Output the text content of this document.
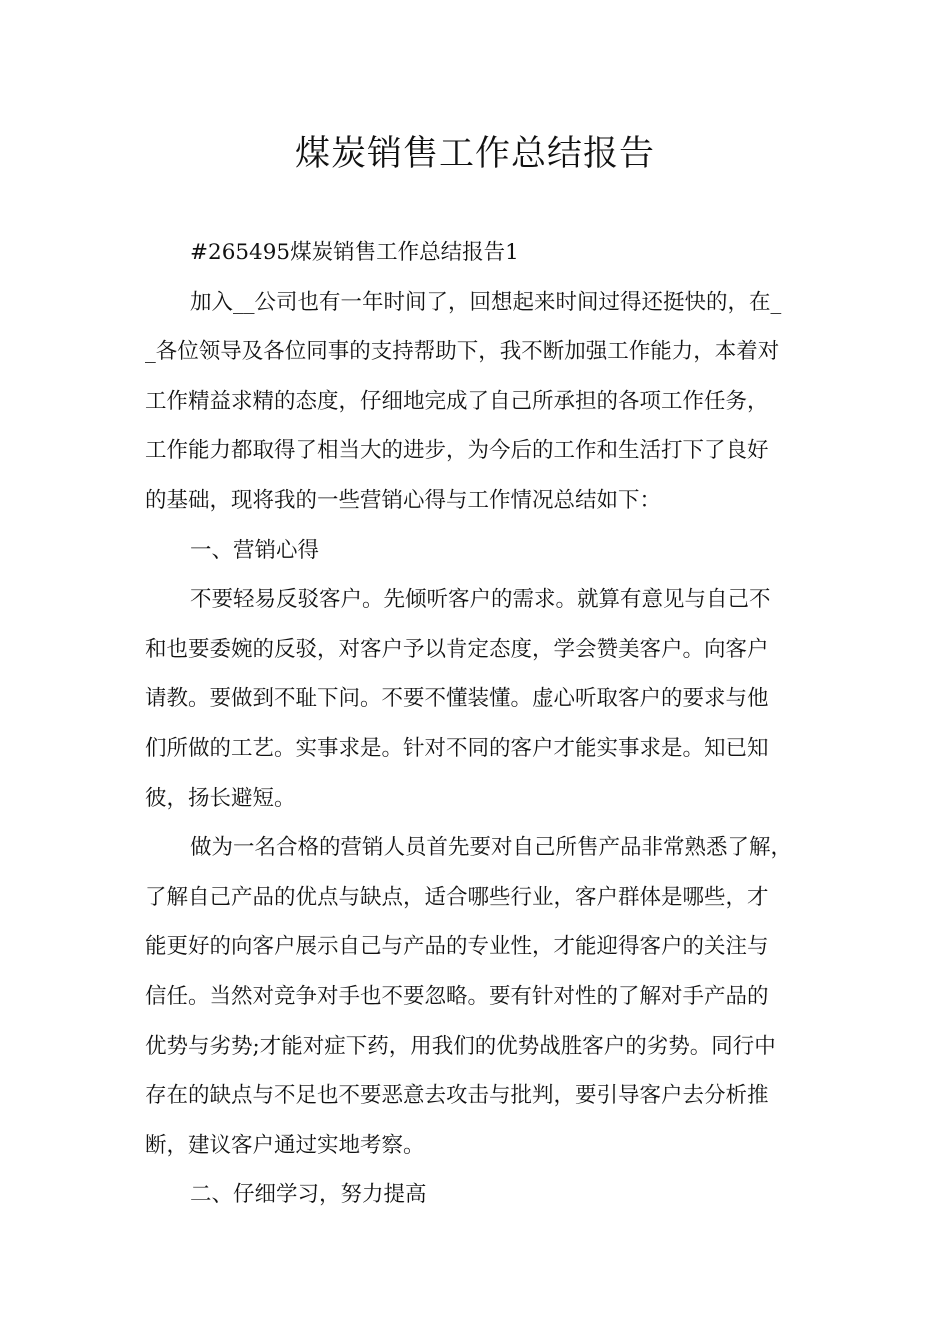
煤炭销售工作总结报告
#265495煤炭销售工作总结报告1
加入__公司也有一年时间了，回想起来时间过得还挺快的，在_
_各位领导及各位同事的支持帮助下，我不断加强工作能力，本着对
工作精益求精的态度，仔细地完成了自己所承担的各项工作任务，
工作能力都取得了相当大的进步，为今后的工作和生活打下了良好
的基础，现将我的一些营销心得与工作情况总结如下：
一、营销心得
不要轻易反驳客户。先倾听客户的需求。就算有意见与自己不
和也要委婉的反驳，对客户予以肯定态度，学会赞美客户。向客户
请教。要做到不耻下问。不要不懂装懂。虚心听取客户的要求与他
们所做的工艺。实事求是。针对不同的客户才能实事求是。知已知
彼，扬长避短。
做为一名合格的营销人员首先要对自己所售产品非常熟悉了解，
了解自己产品的优点与缺点，适合哪些行业，客户群体是哪些，才
能更好的向客户展示自己与产品的专业性，才能迎得客户的关注与
信任。当然对竞争对手也不要忽略。要有针对性的了解对手产品的
优势与劣势;才能对症下药，用我们的优势战胜客户的劣势。同行中
存在的缺点与不足也不要恶意去攻击与批判，要引导客户去分析推
断，建议客户通过实地考察。
二、仔细学习，努力提高
